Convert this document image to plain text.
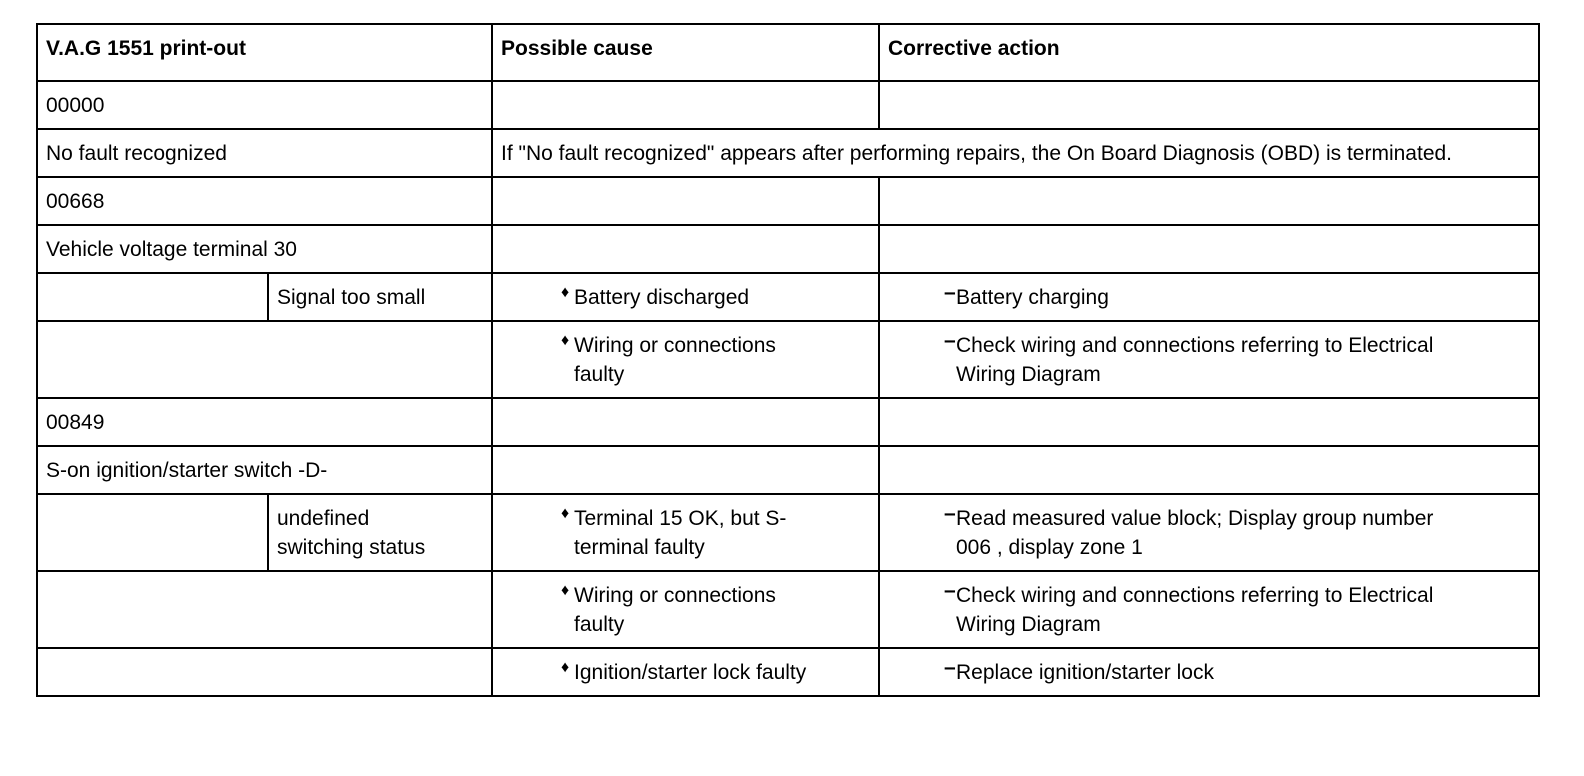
V.A.G 1551 print-out		Possible cause	Corrective action
00000			
No fault recognized		If "No fault recognized" appears after performing repairs, the On Board Diagnosis (OBD) is terminated.	
00668			
Vehicle voltage terminal 30			
	Signal too small	♦ Battery discharged	– Battery charging

		♦ Wiring or connections faulty	– Check wiring and connections referring to Electrical Wiring Diagram

00849			
S-on ignition/starter switch -D-			
	undefined switching status	♦ Terminal 15 OK, but S-terminal faulty	– Read measured value block; Display group number 006 , display zone 1

		♦ Wiring or connections faulty	– Check wiring and connections referring to Electrical Wiring Diagram

		♦ Ignition/starter lock faulty	– Replace ignition/starter lock
